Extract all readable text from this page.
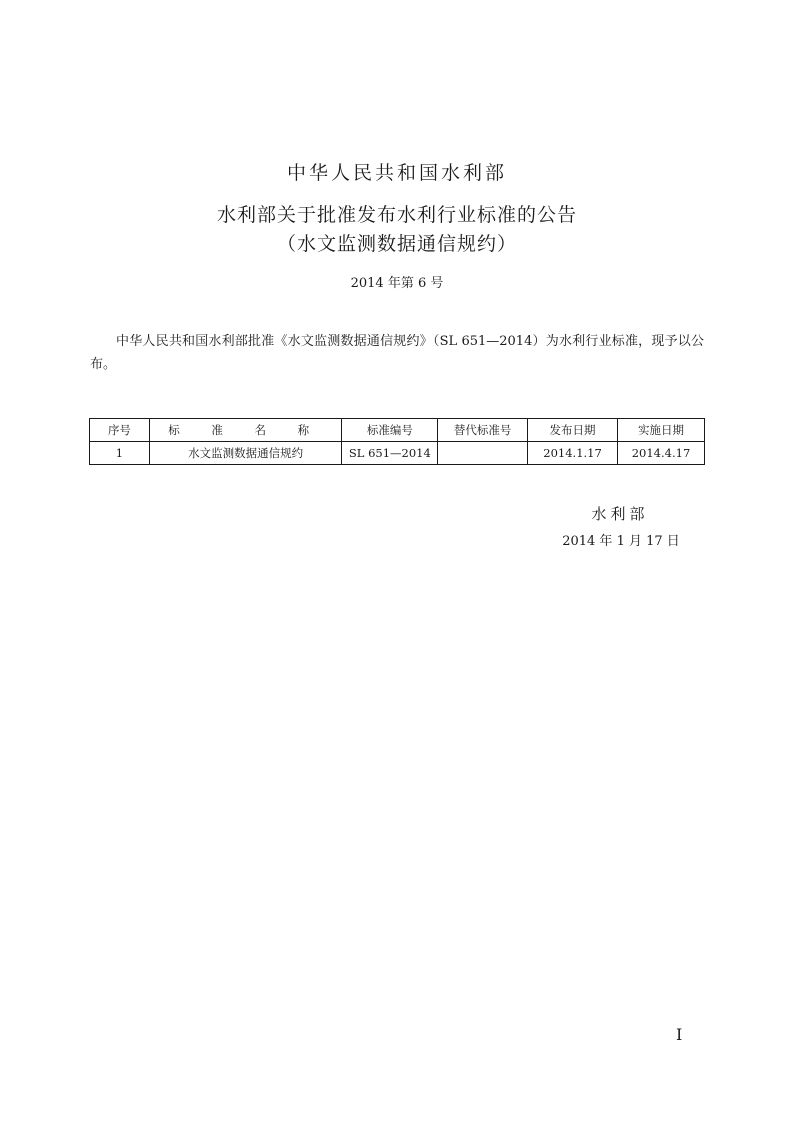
中华人民共和国水利部
水利部关于批准发布水利行业标准的公告
（水文监测数据通信规约）
2014 年第 6 号
中华人民共和国水利部批准《水文监测数据通信规约》（SL 651—2014）为水利行业标准，现予以公布。
序号	标 准 名 称	标准编号	替代标准号	发布日期	实施日期
1	水文监测数据通信规约	SL 651—2014		2014.1.17	2014.4.17
水利部
2014 年 1 月 17 日
I
